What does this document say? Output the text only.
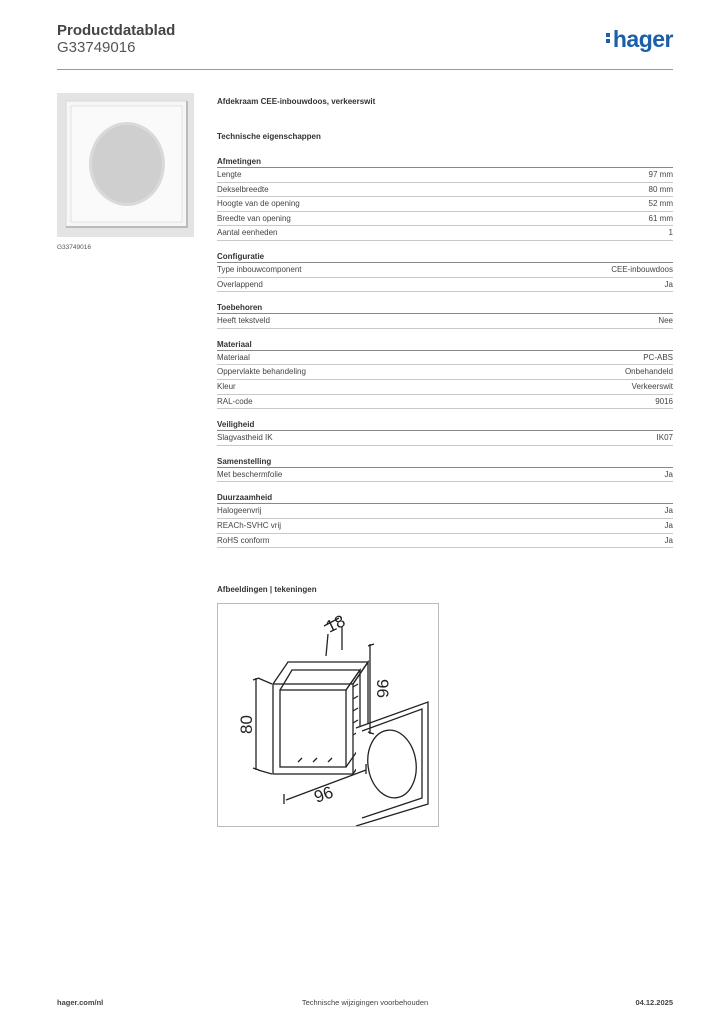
Productdatablad
G33749016	hager
G33749016
Afdekraam CEE-inbouwdoos, verkeerswit
Technische eigenschappen
Afmetingen
Lengte	97 mm
Dekselbreedte	80 mm
Hoogte van de opening	52 mm
Breedte van opening	61 mm
Aantal eenheden	1
Configuratie
Type inbouwcomponent	CEE-inbouwdoos
Overlappend	Ja
Toebehoren
Heeft tekstveld	Nee
Materiaal
Materiaal	PC-ABS
Oppervlakte behandeling	Onbehandeld
Kleur	Verkeerswit
RAL-code	9016
Veiligheid
Slagvastheid IK	IK07
Samenstelling
Met beschermfolie	Ja
Duurzaamheid
Halogeenvrij	Ja
REACh-SVHC vrij	Ja
RoHS conform	Ja
Afbeeldingen | tekeningen
18
96
80
96
Technische wijzigingen voorbehouden
hager.com/nl	04.12.2025
